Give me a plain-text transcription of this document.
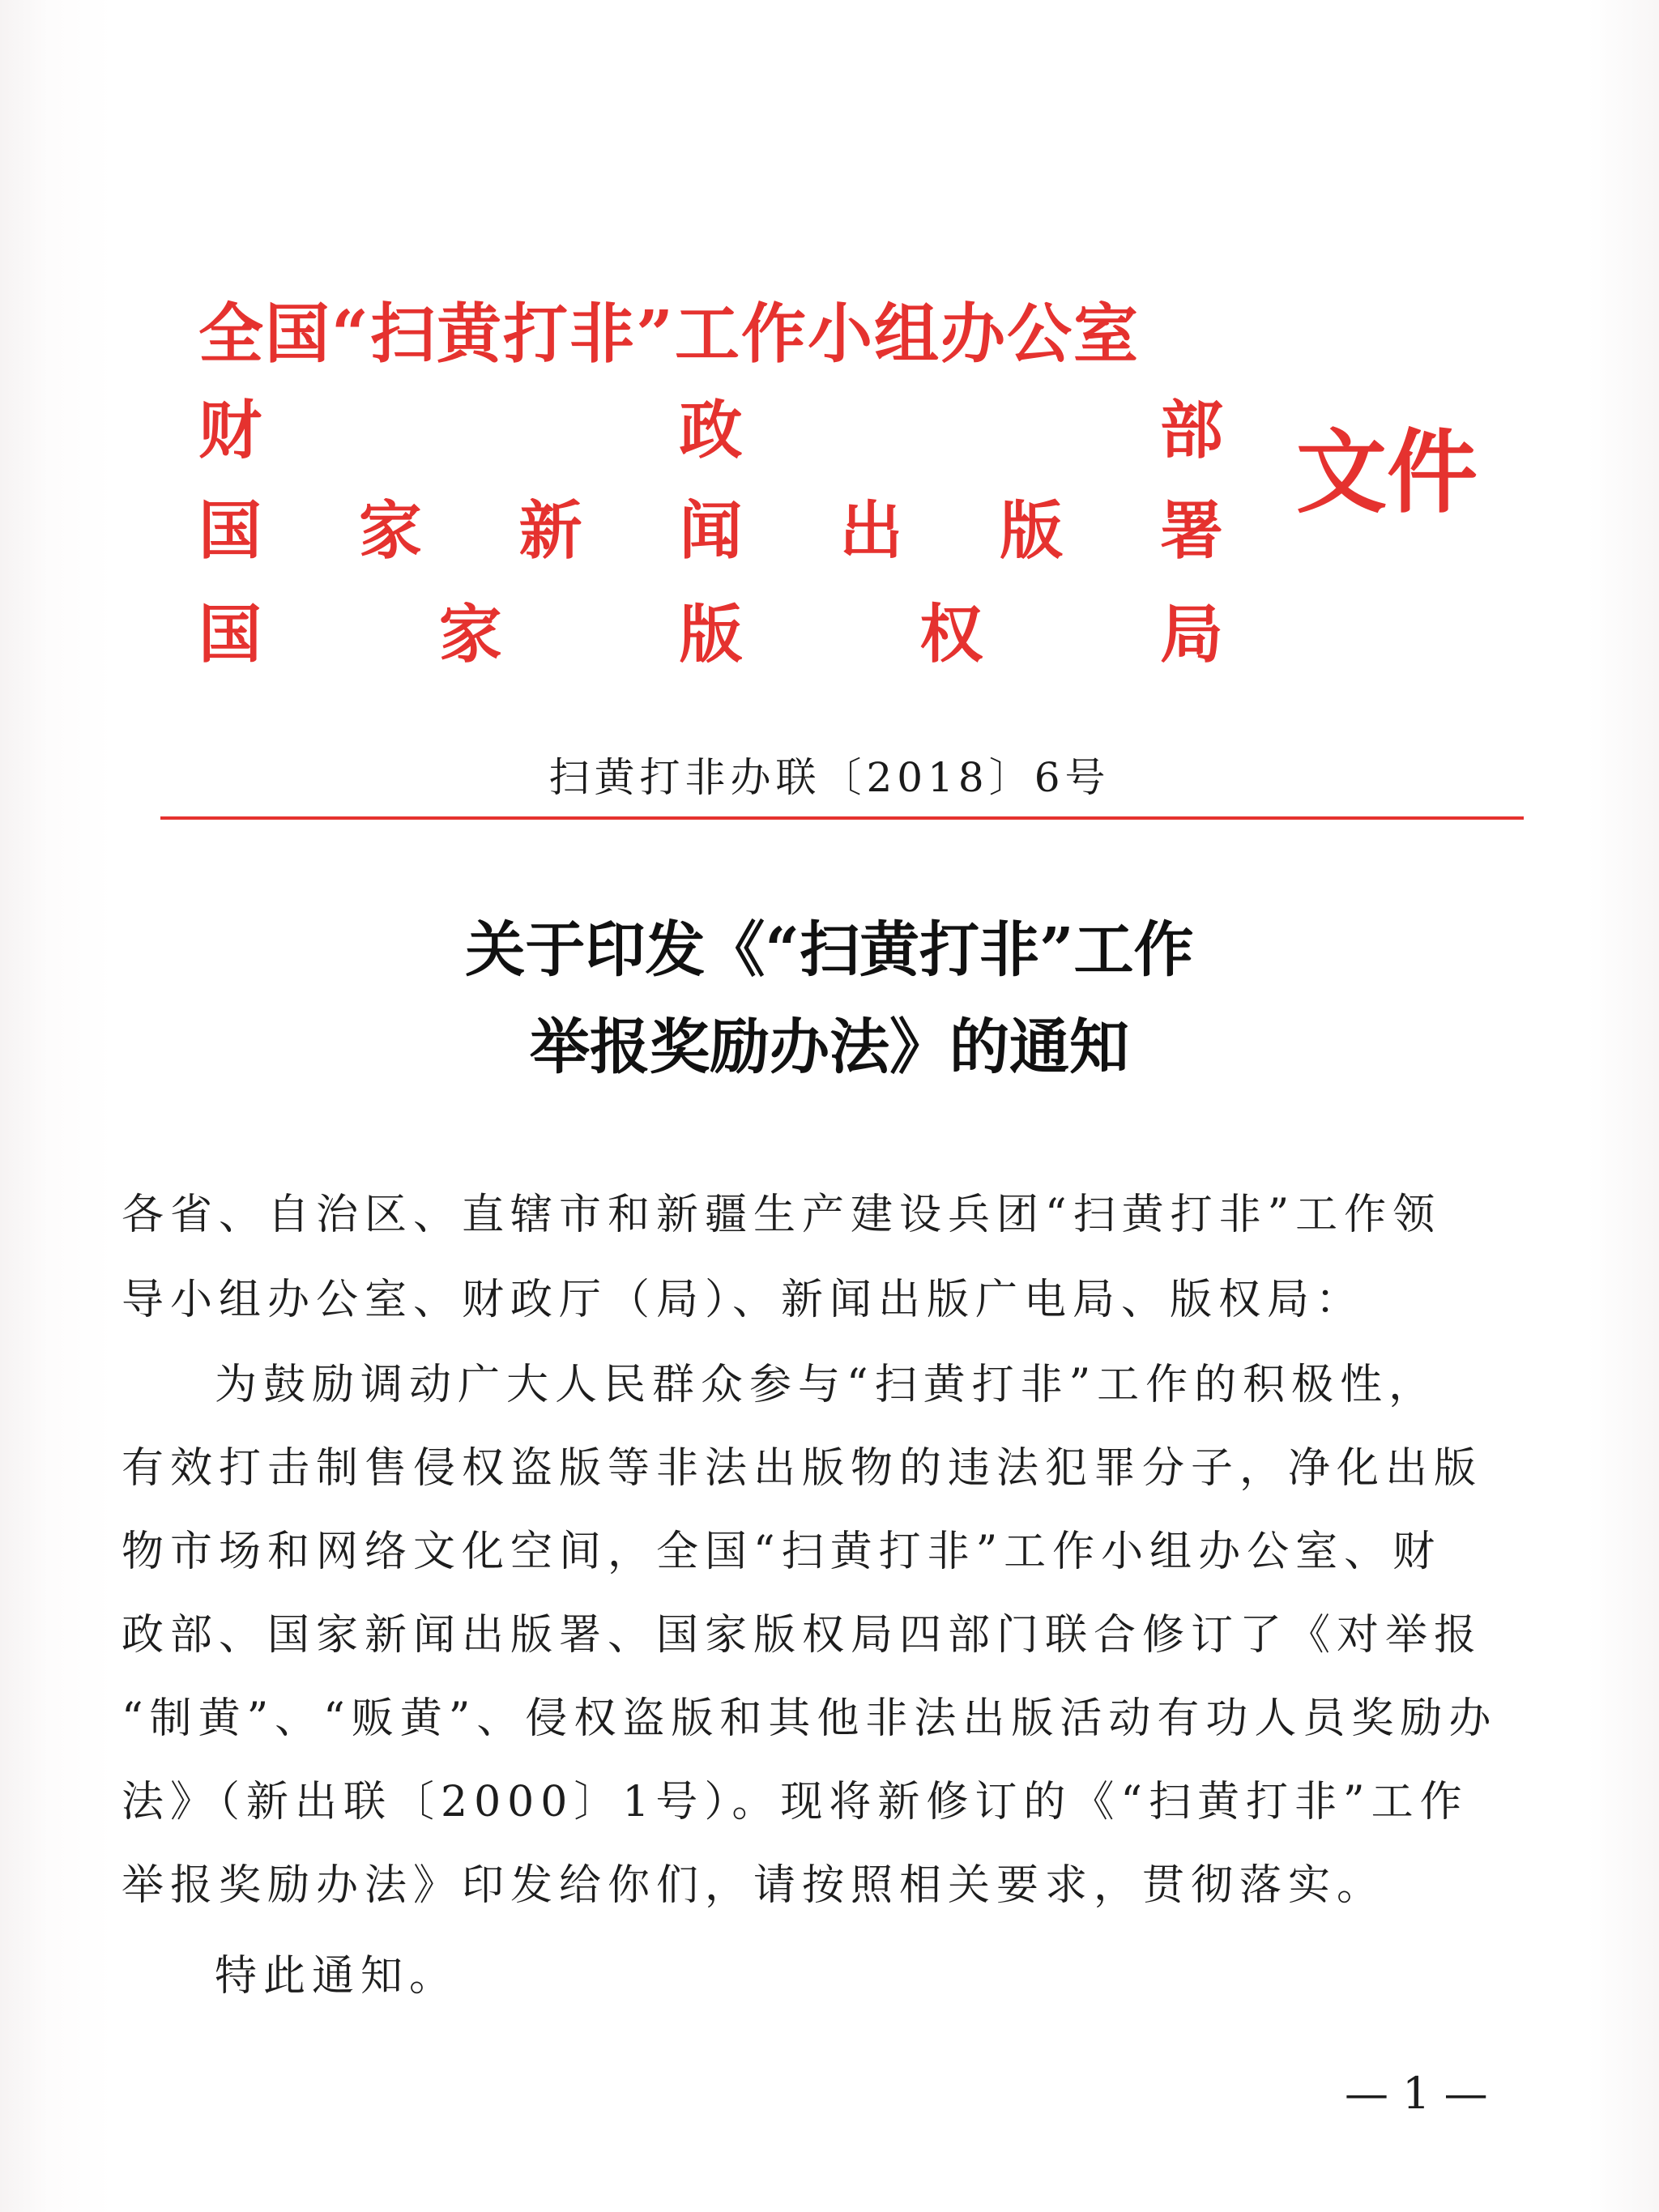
全国“扫黄打非”工作小组办公室
财	政	部
国 家 新 闻 出 版 署
国	家	版	权	局
文件
扫黄打非办联〔2018〕6号
关于印发《“扫黄打非”工作
举报奖励办法》的通知
各省、自治区、直辖市和新疆生产建设兵团“扫黄打非”工作领
导小组办公室、财政厅（局）、新闻出版广电局、版权局：
为鼓励调动广大人民群众参与“扫黄打非”工作的积极性，
有效打击制售侵权盗版等非法出版物的违法犯罪分子，净化出版
物市场和网络文化空间，全国“扫黄打非”工作小组办公室、财
政部、国家新闻出版署、国家版权局四部门联合修订了《对举报
“制黄”、“贩黄”、侵权盗版和其他非法出版活动有功人员奖励办
法》（新出联〔2000〕1号）。现将新修订的《“扫黄打非”工作
举报奖励办法》印发给你们，请按照相关要求，贯彻落实。
特此通知。
— 1 —
